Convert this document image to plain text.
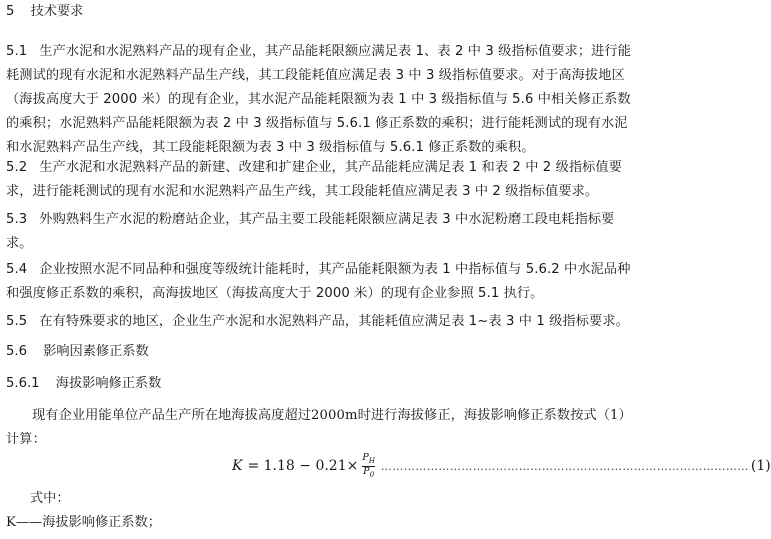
5 技术要求

5.1 生产水泥和水泥熟料产品的现有企业，其产品能耗限额应满足表 1、表 2 中 3 级指标值要求；进行能耗测试的现有水泥和水泥熟料产品生产线，其工段能耗值应满足表 3 中 3 级指标值要求。对于高海拔地区（海拔高度大于 2000 米）的现有企业，其水泥产品能耗限额为表 1 中 3 级指标值与 5.6 中相关修正系数的乘积；水泥熟料产品能耗限额为表 2 中 3 级指标值与 5.6.1 修正系数的乘积；进行能耗测试的现有水泥和水泥熟料产品生产线，其工段能耗限额为表 3 中 3 级指标值与 5.6.1 修正系数的乘积。

5.2 生产水泥和水泥熟料产品的新建、改建和扩建企业，其产品能耗应满足表 1 和表 2 中 2 级指标值要求，进行能耗测试的现有水泥和水泥熟料产品生产线，其工段能耗值应满足表 3 中 2 级指标值要求。

5.3 外购熟料生产水泥的粉磨站企业，其产品主要工段能耗限额应满足表 3 中水泥粉磨工段电耗指标要求。

5.4 企业按照水泥不同品种和强度等级统计能耗时，其产品能耗限额为表 1 中指标值与 5.6.2 中水泥品种和强度修正系数的乘积，高海拔地区（海拔高度大于 2000 米）的现有企业参照 5.1 执行。

5.5 在有特殊要求的地区，企业生产水泥和水泥熟料产品，其能耗值应满足表 1~表 3 中 1 级指标要求。

5.6 影响因素修正系数
5.6.1 海拔影响修正系数

现有企业用能单位产品生产所在地海拔高度超过2000m时进行海拔修正，海拔影响修正系数按式（1）计算：

$K = 1.18 - 0.21\times \frac{P_H}{P_0}$ …………………………………………………………………………………… (1)
式中：
K——海拔影响修正系数；
